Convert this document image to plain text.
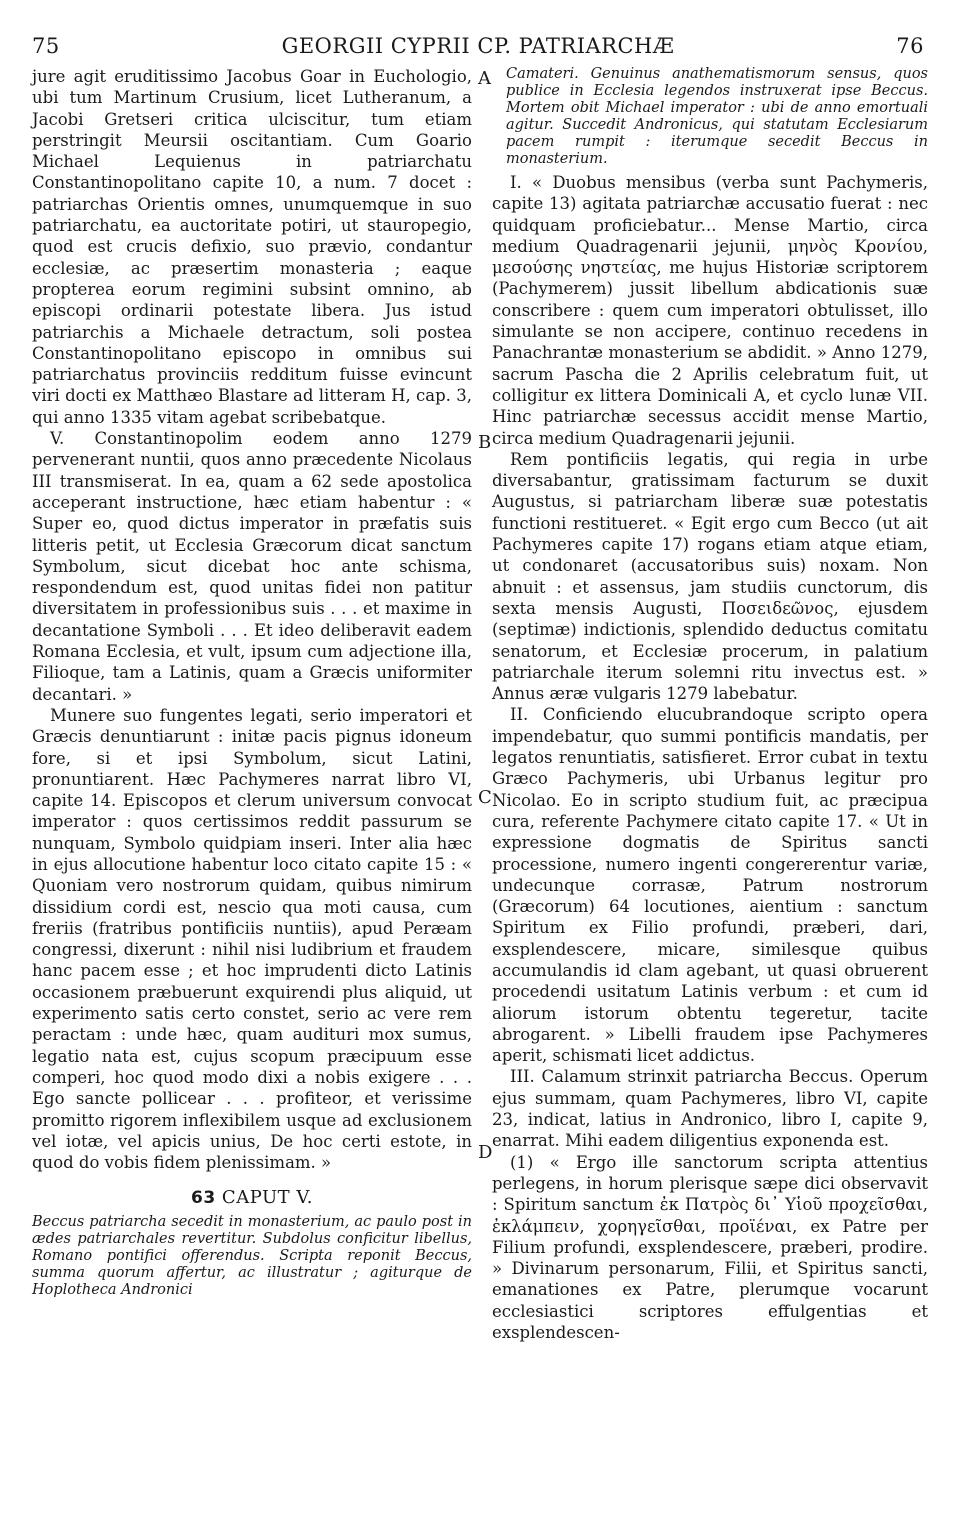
75	GEORGII CYPRII CP. PATRIARCHÆ	76
A
B
C
D

jure agit eruditissimo Jacobus Goar in Euchologio, ubi tum Martinum Crusium, licet Lutheranum, a Jacobi Gretseri critica ulciscitur, tum etiam perstringit Meursii oscitantiam. Cum Goario Michael Lequienus in patriarchatu Constantinopolitano capite 10, a num. 7 docet : patriarchas Orientis omnes, unumquemque in suo patriarchatu, ea auctoritate potiri, ut stauropegio, quod est crucis defixio, suo prævio, condantur ecclesiæ, ac præsertim monasteria ; eaque propterea eorum regimini subsint omnino, ab episcopi ordinarii potestate libera. Jus istud patriarchis a Michaele detractum, soli postea Constantinopolitano episcopo in omnibus sui patriarchatus provinciis redditum fuisse evincunt viri docti ex Matthæo Blastare ad litteram H, cap. 3, qui anno 1335 vitam agebat scribebatque.

V. Constantinopolim eodem anno 1279 pervenerant nuntii, quos anno præcedente Nicolaus III transmiserat. In ea, quam a 62 sede apostolica acceperant instructione, hæc etiam habentur : « Super eo, quod dictus imperator in præfatis suis litteris petit, ut Ecclesia Græcorum dicat sanctum Symbolum, sicut dicebat hoc ante schisma, respondendum est, quod unitas fidei non patitur diversitatem in professionibus suis . . . et maxime in decantatione Symboli . . . Et ideo deliberavit eadem Romana Ecclesia, et vult, ipsum cum adjectione illa, Filioque, tam a Latinis, quam a Græcis uniformiter decantari. »

Munere suo fungentes legati, serio imperatori et Græcis denuntiarunt : initæ pacis pignus idoneum fore, si et ipsi Symbolum, sicut Latini, pronuntiarent. Hæc Pachymeres narrat libro VI, capite 14. Episcopos et clerum universum convocat imperator : quos certissimos reddit passurum se nunquam, Symbolo quidpiam inseri. Inter alia hæc in ejus allocutione habentur loco citato capite 15 : « Quoniam vero nostrorum quidam, quibus nimirum dissidium cordi est, nescio qua moti causa, cum freriis (fratribus pontificiis nuntiis), apud Peræam congressi, dixerunt : nihil nisi ludibrium et fraudem hanc pacem esse ; et hoc imprudenti dicto Latinis occasionem præbuerunt exquirendi plus aliquid, ut experimento satis certo constet, serio ac vere rem peractam : unde hæc, quam audituri mox sumus, legatio nata est, cujus scopum præcipuum esse comperi, hoc quod modo dixi a nobis exigere . . . Ego sancte pollicear . . . profiteor, et verissime promitto rigorem inflexibilem usque ad exclusionem vel iotæ, vel apicis unius, De hoc certi estote, in quod do vobis fidem plenissimam. »

63 CAPUT V.

Beccus patriarcha secedit in monasterium, ac paulo post in ædes patriarchales revertitur. Subdolus conficitur libellus, Romano pontifici offerendus. Scripta reponit Beccus, summa quorum affertur, ac illustratur ; agiturque de Hoplotheca Andronici

Camateri. Genuinus anathematismorum sensus, quos publice in Ecclesia legendos instruxerat ipse Beccus. Mortem obit Michael imperator : ubi de anno emortuali agitur. Succedit Andronicus, qui statutam Ecclesiarum pacem rumpit : iterumque secedit Beccus in monasterium.

I. « Duobus mensibus (verba sunt Pachymeris, capite 13) agitata patriarchæ accusatio fuerat : nec quidquam proficiebatur... Mense Martio, circa medium Quadragenarii jejunii, μηνὸς Κρονίου, μεσούσης νηστείας, me hujus Historiæ scriptorem (Pachymerem) jussit libellum abdicationis suæ conscribere : quem cum imperatori obtulisset, illo simulante se non accipere, continuo recedens in Panachrantæ monasterium se abdidit. » Anno 1279, sacrum Pascha die 2 Aprilis celebratum fuit, ut colligitur ex littera Dominicali A, et cyclo lunæ VII. Hinc patriarchæ secessus accidit mense Martio, circa medium Quadragenarii jejunii.

Rem pontificiis legatis, qui regia in urbe diversabantur, gratissimam facturum se duxit Augustus, si patriarcham liberæ suæ potestatis functioni restitueret. « Egit ergo cum Becco (ut ait Pachymeres capite 17) rogans etiam atque etiam, ut condonaret (accusatoribus suis) noxam. Non abnuit : et assensus, jam studiis cunctorum, dis sexta mensis Augusti, Ποσειδεῶνος, ejusdem (septimæ) indictionis, splendido deductus comitatu senatorum, et Ecclesiæ procerum, in palatium patriarchale iterum solemni ritu invectus est. » Annus æræ vulgaris 1279 labebatur.

II. Conficiendo elucubrandoque scripto opera impendebatur, quo summi pontificis mandatis, per legatos renuntiatis, satisfieret. Error cubat in textu Græco Pachymeris, ubi Urbanus legitur pro Nicolao. Eo in scripto studium fuit, ac præcipua cura, referente Pachymere citato capite 17. « Ut in expressione dogmatis de Spiritus sancti processione, numero ingenti congererentur variæ, undecunque corrasæ, Patrum nostrorum (Græcorum) 64 locutiones, aientium : sanctum Spiritum ex Filio profundi, præberi, dari, exsplendescere, micare, similesque quibus accumulandis id clam agebant, ut quasi obruerent procedendi usitatum Latinis verbum : et cum id aliorum istorum obtentu tegeretur, tacite abrogarent. » Libelli fraudem ipse Pachymeres aperit, schismati licet addictus.

III. Calamum strinxit patriarcha Beccus. Operum ejus summam, quam Pachymeres, libro VI, capite 23, indicat, latius in Andronico, libro I, capite 9, enarrat. Mihi eadem diligentius exponenda est.

(1) « Ergo ille sanctorum scripta attentius perlegens, in horum plerisque sæpe dici observavit : Spiritum sanctum ἐκ Πατρὸς δι᾽ Υἱοῦ προχεῖσθαι, ἐκλάμπειν, χορηγεῖσθαι, προϊέναι, ex Patre per Filium profundi, exsplendescere, præberi, prodire. » Divinarum personarum, Filii, et Spiritus sancti, emanationes ex Patre, plerumque vocarunt ecclesiastici scriptores effulgentias et exsplendescen-
